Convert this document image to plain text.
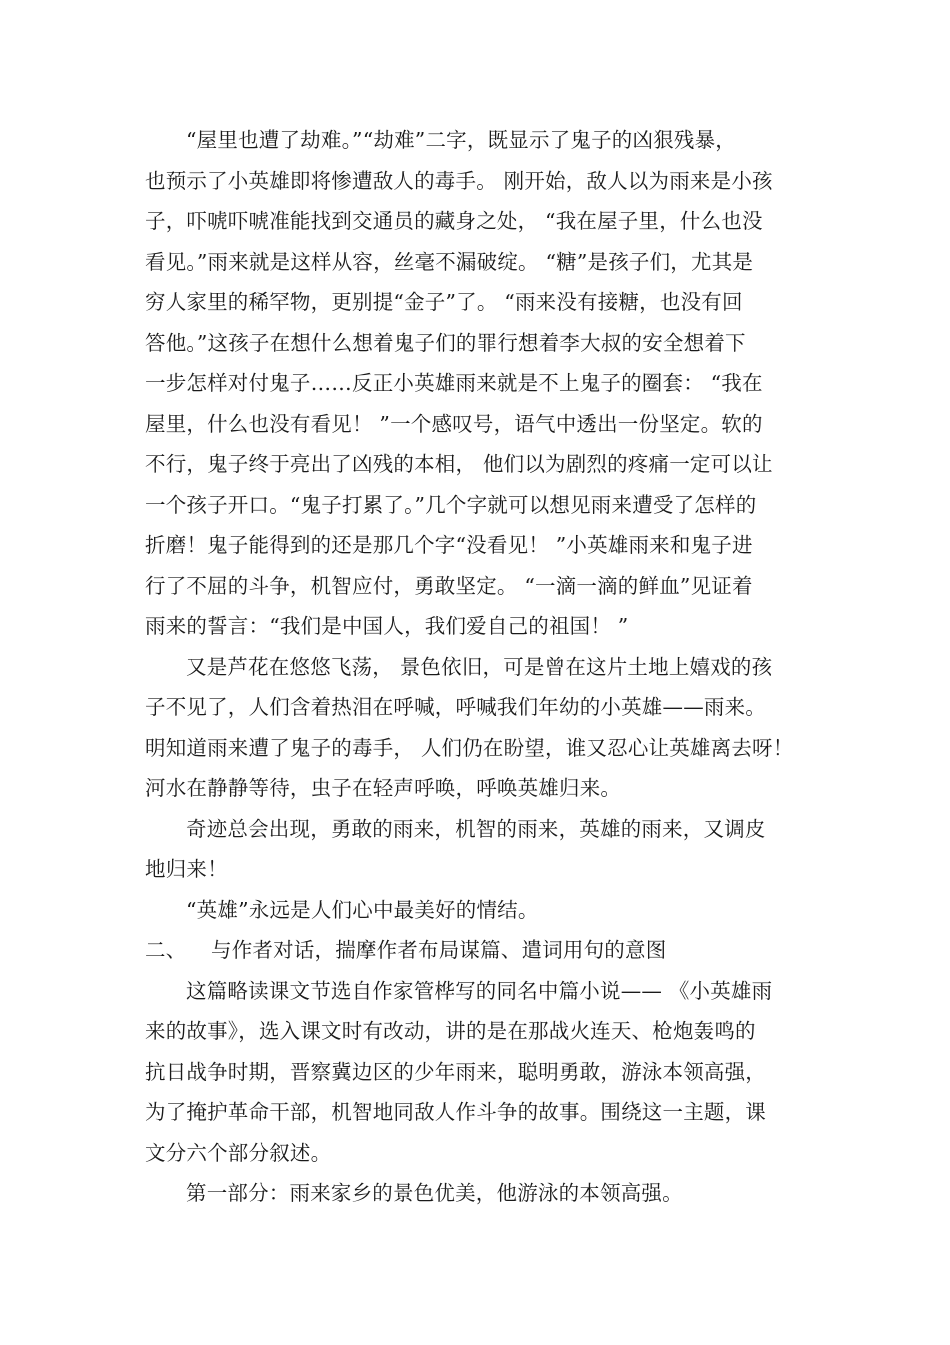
“屋里也遭了劫难。”“劫难”二字，既显示了鬼子的凶狠残暴，
也预示了小英雄即将惨遭敌人的毒手。 刚开始，敌人以为雨来是小孩
子，吓唬吓唬准能找到交通员的藏身之处， “我在屋子里，什么也没
看见。”雨来就是这样从容，丝毫不漏破绽。 “糖”是孩子们，尤其是
穷人家里的稀罕物，更别提“金子”了。 “雨来没有接糖，也没有回
答他。”这孩子在想什么想着鬼子们的罪行想着李大叔的安全想着下
一步怎样对付鬼子……反正小英雄雨来就是不上鬼子的圈套： “我在
屋里，什么也没有看见！ ”一个感叹号，语气中透出一份坚定。软的
不行，鬼子终于亮出了凶残的本相， 他们以为剧烈的疼痛一定可以让
一个孩子开口。“鬼子打累了。”几个字就可以想见雨来遭受了怎样的
折磨！鬼子能得到的还是那几个字“没看见！ ”小英雄雨来和鬼子进
行了不屈的斗争，机智应付，勇敢坚定。 “一滴一滴的鲜血”见证着
雨来的誓言：“我们是中国人，我们爱自己的祖国！ ”
又是芦花在悠悠飞荡， 景色依旧，可是曾在这片土地上嬉戏的孩
子不见了，人们含着热泪在呼喊，呼喊我们年幼的小英雄——雨来。
明知道雨来遭了鬼子的毒手， 人们仍在盼望，谁又忍心让英雄离去呀！
河水在静静等待，虫子在轻声呼唤，呼唤英雄归来。
奇迹总会出现，勇敢的雨来，机智的雨来，英雄的雨来，又调皮
地归来！
“英雄”永远是人们心中最美好的情结。
二、 与作者对话，揣摩作者布局谋篇、遣词用句的意图
这篇略读课文节选自作家管桦写的同名中篇小说—— 《小英雄雨
来的故事》，选入课文时有改动，讲的是在那战火连天、枪炮轰鸣的
抗日战争时期，晋察冀边区的少年雨来，聪明勇敢，游泳本领高强，
为了掩护革命干部，机智地同敌人作斗争的故事。围绕这一主题，课
文分六个部分叙述。
第一部分：雨来家乡的景色优美，他游泳的本领高强。
